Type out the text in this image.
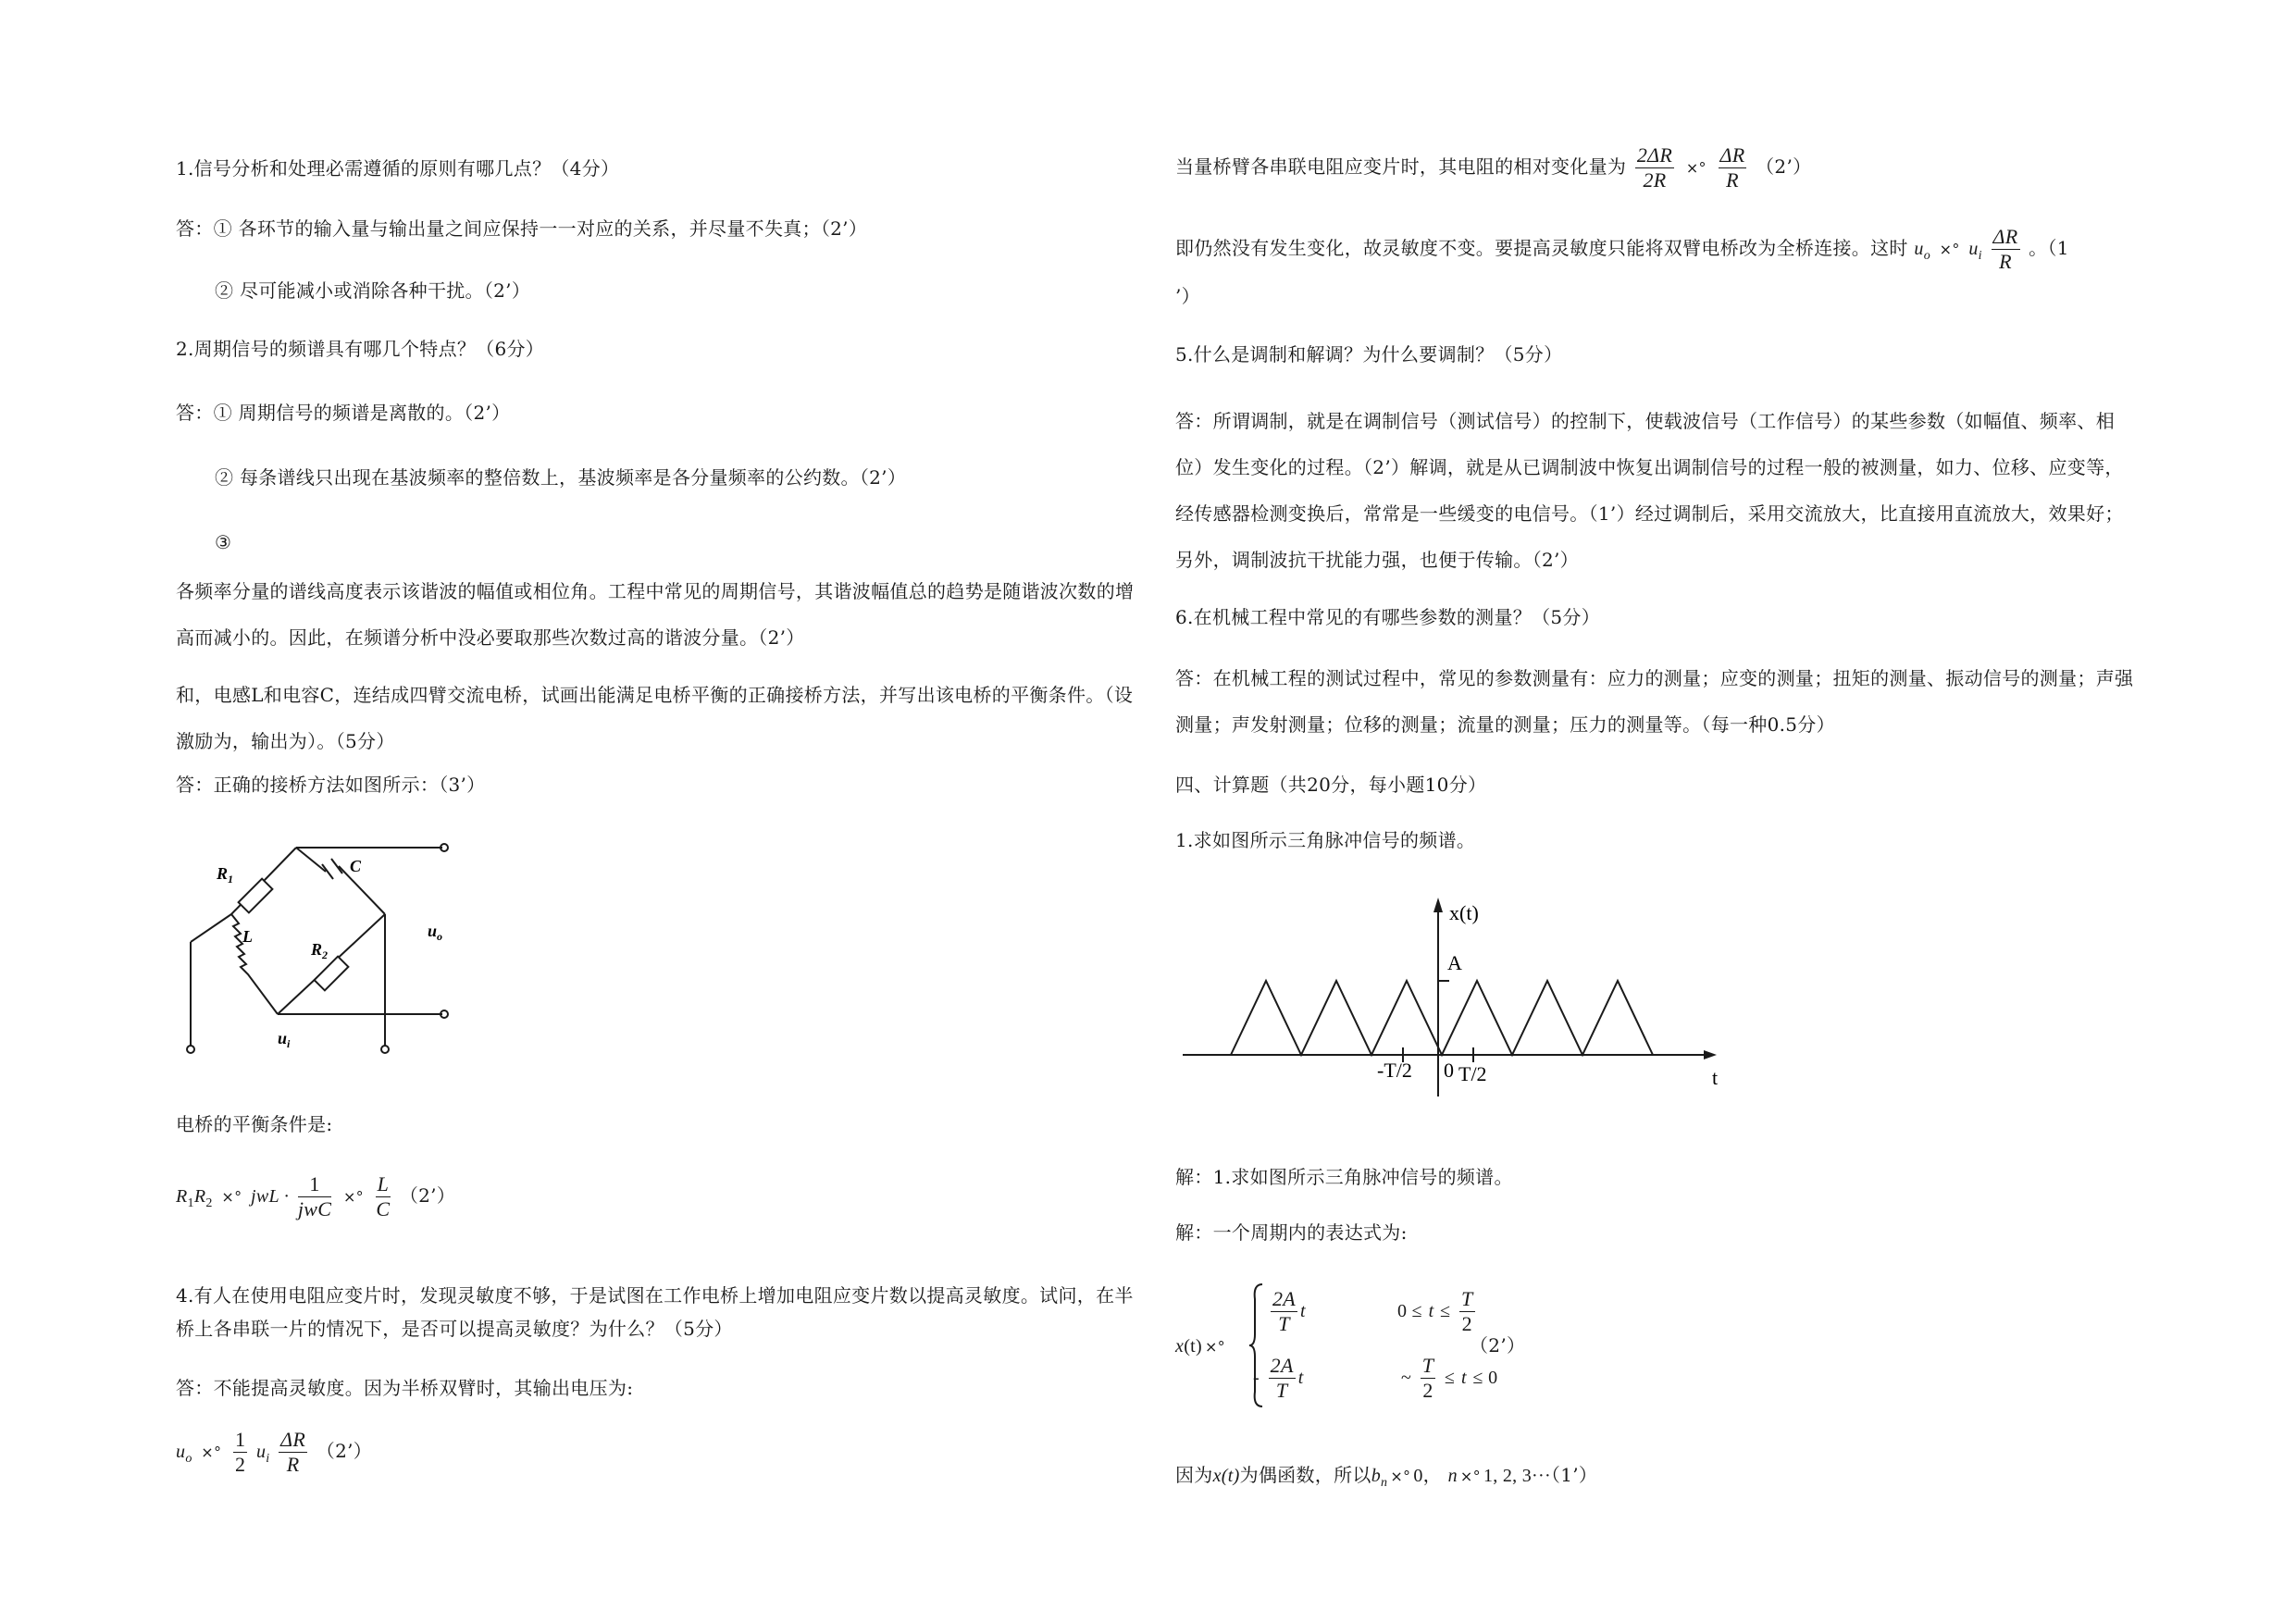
1.信号分析和处理必需遵循的原则有哪几点？（4分）
答：① 各环节的输入量与输出量之间应保持一一对应的关系，并尽量不失真；（2’）
② 尽可能减小或消除各种干扰。（2’）
2.周期信号的频谱具有哪几个特点？（6分）
答：① 周期信号的频谱是离散的。（2’）
② 每条谱线只出现在基波频率的整倍数上，基波频率是各分量频率的公约数。（2’）
③
各频率分量的谱线高度表示该谐波的幅值或相位角。工程中常见的周期信号，其谐波幅值总的趋势是随谐波次数的增高而减小的。因此，在频谱分析中没必要取那些次数过高的谐波分量。（2’）
和，电感L和电容C，连结成四臂交流电桥，试画出能满足电桥平衡的正确接桥方法，并写出该电桥的平衡条件。（设激励为，输出为）。（5分）
答：正确的接桥方法如图所示：（3’）
$R_1$
C
L
$R_2$
$u_o$
$u_i$
电桥的平衡条件是:
$R_1R_2$ ×° jwL · $\frac{1}{\text{jwC}}$ ×° $\frac{L}{C}$ （2’）
4.有人在使用电阻应变片时，发现灵敏度不够，于是试图在工作电桥上增加电阻应变片数以提高灵敏度。试问，在半桥上各串联一片的情况下，是否可以提高灵敏度？为什么？（5分）
答：不能提高灵敏度。因为半桥双臂时，其输出电压为:
$u_o$ ×° $\frac{1}{2} u_i \frac{\Delta R}{R}$ （2’）
当量桥臂各串联电阻应变片时，其电阻的相对变化量为 $\frac{2\Delta R}{2R}$ ×° $\frac{\Delta R}{R}$ （2’）
即仍然没有发生变化，故灵敏度不变。要提高灵敏度只能将双臂电桥改为全桥连接。这时 $u_o$ ×° $u_i \frac{\Delta R}{R}$ 。（1
’）
5.什么是调制和解调？为什么要调制？（5分）
答：所谓调制，就是在调制信号（测试信号）的控制下，使载波信号（工作信号）的某些参数（如幅值、频率、相位）发生变化的过程。（2’）解调，就是从已调制波中恢复出调制信号的过程一般的被测量，如力、位移、应变等，经传感器检测变换后，常常是一些缓变的电信号。（1’）经过调制后，采用交流放大，比直接用直流放大，效果好；另外，调制波抗干扰能力强，也便于传输。（2’）
6.在机械工程中常见的有哪些参数的测量？（5分）
答：在机械工程的测试过程中，常见的参数测量有：应力的测量；应变的测量；扭矩的测量、振动信号的测量；声强测量；声发射测量；位移的测量；流量的测量；压力的测量等。（每一种0.5分）
四、计算题（共20分，每小题10分）
1.求如图所示三角脉冲信号的频谱。
x(t)
A
-T/2 0 T/2	t
解：1.求如图所示三角脉冲信号的频谱。
解：一个周期内的表达式为:
x(t) ×°
$\frac{2A}{T}$ t	$0 \le t \le \frac{T}{2}$
- $\frac{2A}{T}$ t	~ $\frac{T}{2} \le t \le 0$
（2’）
因为x(t)为偶函数，所以$b_n$ ×° 0， n ×° 1, 2, 3···（1’）
